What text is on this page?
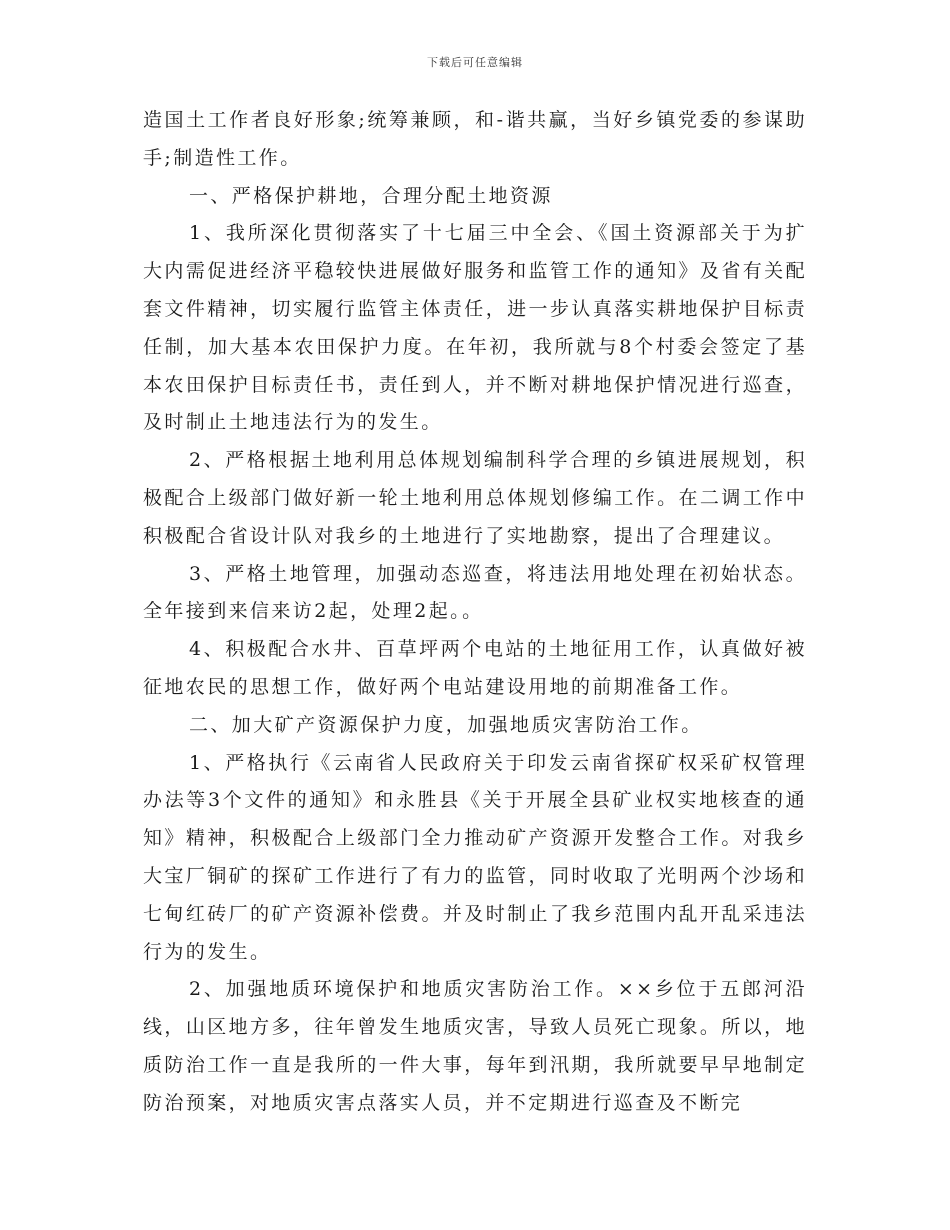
下载后可任意编辑

造国土工作者良好形象;统筹兼顾，和-谐共赢，当好乡镇党委的参谋助手;制造性工作。

一、严格保护耕地，合理分配土地资源

1、我所深化贯彻落实了十七届三中全会、《国土资源部关于为扩大内需促进经济平稳较快进展做好服务和监管工作的通知》及省有关配套文件精神，切实履行监管主体责任，进一步认真落实耕地保护目标责任制，加大基本农田保护力度。在年初，我所就与8个村委会签定了基本农田保护目标责任书，责任到人，并不断对耕地保护情况进行巡查，及时制止土地违法行为的发生。

2、严格根据土地利用总体规划编制科学合理的乡镇进展规划，积极配合上级部门做好新一轮土地利用总体规划修编工作。在二调工作中积极配合省设计队对我乡的土地进行了实地勘察，提出了合理建议。

3、严格土地管理，加强动态巡查，将违法用地处理在初始状态。全年接到来信来访2起，处理2起。。

4、积极配合水井、百草坪两个电站的土地征用工作，认真做好被征地农民的思想工作，做好两个电站建设用地的前期准备工作。

二、加大矿产资源保护力度，加强地质灾害防治工作。

1、严格执行《云南省人民政府关于印发云南省探矿权采矿权管理办法等3个文件的通知》和永胜县《关于开展全县矿业权实地核查的通知》精神，积极配合上级部门全力推动矿产资源开发整合工作。对我乡大宝厂铜矿的探矿工作进行了有力的监管，同时收取了光明两个沙场和七甸红砖厂的矿产资源补偿费。并及时制止了我乡范围内乱开乱采违法行为的发生。

2、加强地质环境保护和地质灾害防治工作。××乡位于五郎河沿线，山区地方多，往年曾发生地质灾害，导致人员死亡现象。所以，地质防治工作一直是我所的一件大事，每年到汛期，我所就要早早地制定防治预案，对地质灾害点落实人员，并不定期进行巡查及不断完
